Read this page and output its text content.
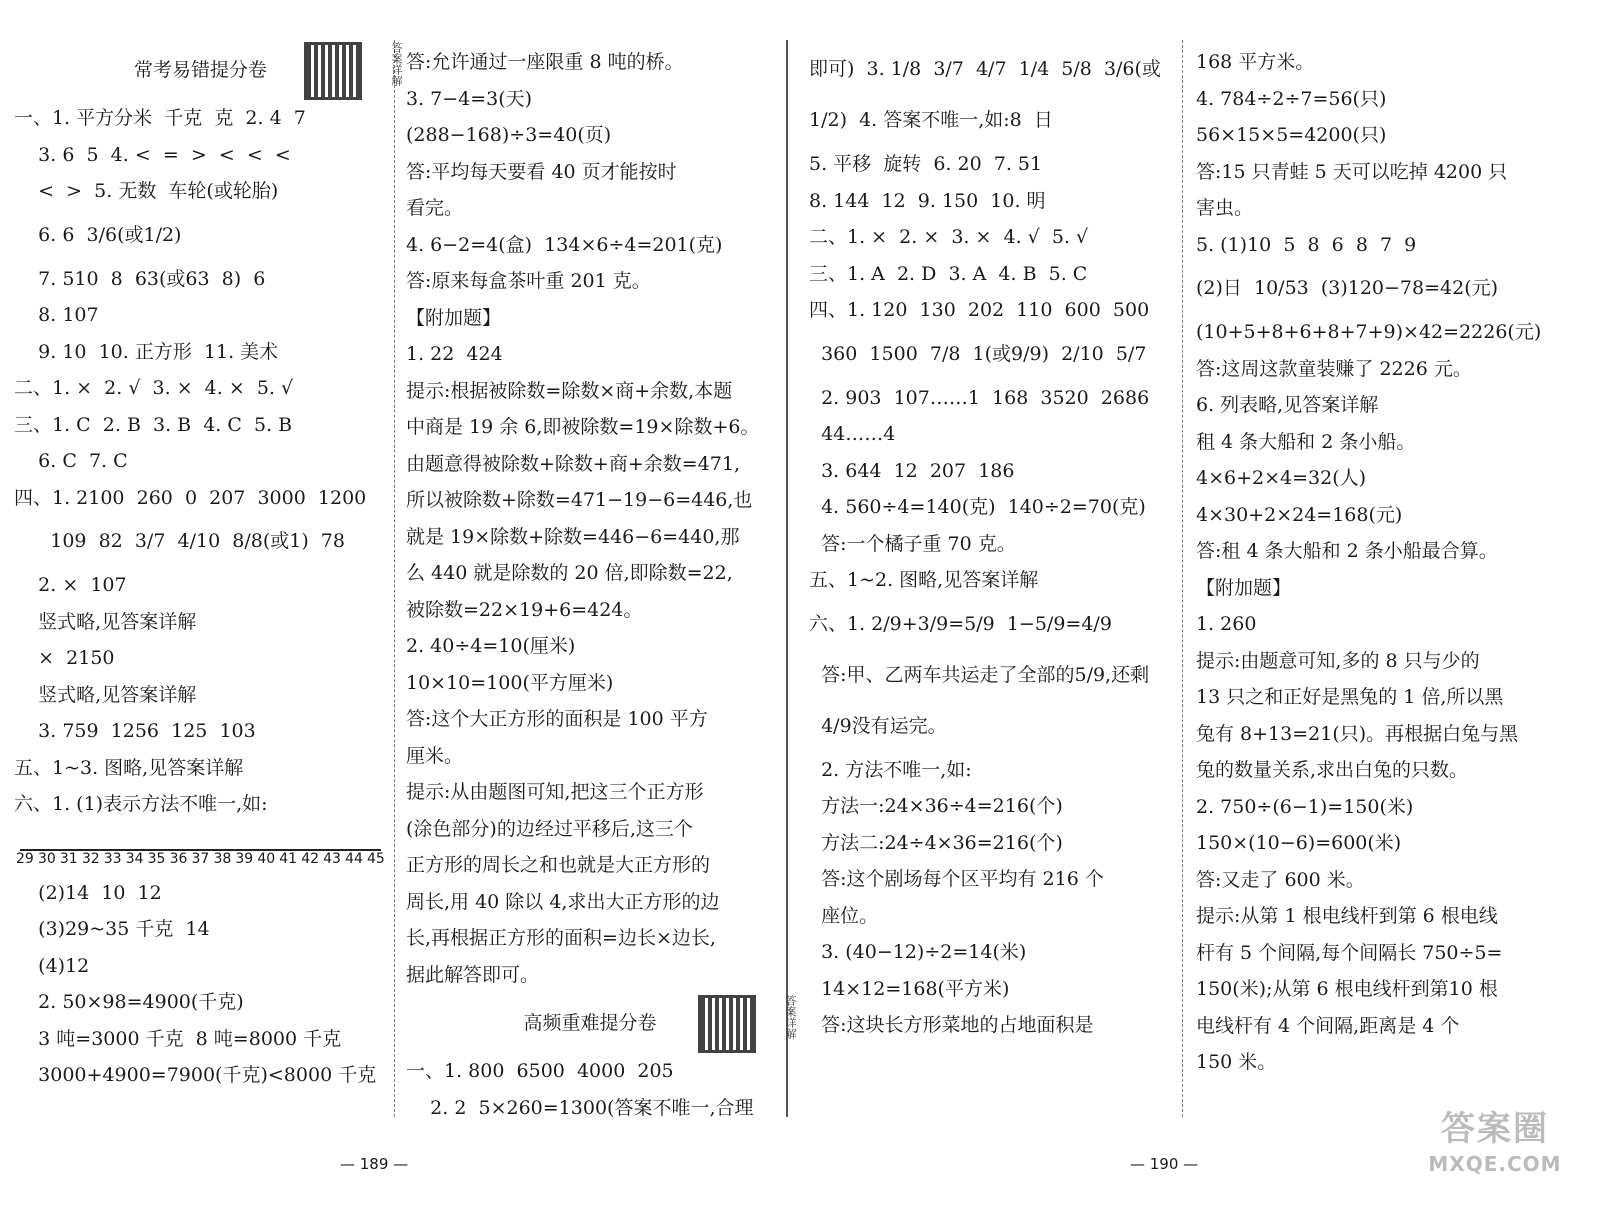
常考易错提分卷	答案详解
一、1. 平方分米  千克  克  2. 4  7
3. 6  5  4. <  =  >  <  <  <
<  >  5. 无数  车轮(或轮胎)
6. 6  3/6(或1/2)
7. 510  8  63(或63  8)  6
8. 107
9. 10  10. 正方形  11. 美术
二、1. ×  2. √  3. ×  4. ×  5. √
三、1. C  2. B  3. B  4. C  5. B
6. C  7. C
四、1. 2100  260  0  207  3000  1200
109  82  3/7  4/10  8/8(或1)  78
2. ×  107
竖式略,见答案详解
×  2150
竖式略,见答案详解
3. 759  1256  125  103
五、1~3. 图略,见答案详解
六、1. (1)表示方法不唯一,如:
29 30 31 32 33 34 35 36 37 38 39 40 41 42 43 44 45
(2)14  10  12
(3)29~35 千克  14
(4)12
2. 50×98=4900(千克)
3 吨=3000 千克  8 吨=8000 千克
3000+4900=7900(千克)<8000 千克
答:允许通过一座限重 8 吨的桥。
3. 7−4=3(天)
(288−168)÷3=40(页)
答:平均每天要看 40 页才能按时
看完。
4. 6−2=4(盒)  134×6÷4=201(克)
答:原来每盒茶叶重 201 克。
【附加题】
1. 22  424
提示:根据被除数=除数×商+余数,本题
中商是 19 余 6,即被除数=19×除数+6。
由题意得被除数+除数+商+余数=471,
所以被除数+除数=471−19−6=446,也
就是 19×除数+除数=446−6=440,那
么 440 就是除数的 20 倍,即除数=22,
被除数=22×19+6=424。
2. 40÷4=10(厘米)
10×10=100(平方厘米)
答:这个大正方形的面积是 100 平方
厘米。
提示:从由题图可知,把这三个正方形
(涂色部分)的边经过平移后,这三个
正方形的周长之和也就是大正方形的
周长,用 40 除以 4,求出大正方形的边
长,再根据正方形的面积=边长×边长,
据此解答即可。
高频重难提分卷	答案详解
一、1. 800  6500  4000  205
2. 2  5×260=1300(答案不唯一,合理
即可)  3. 1/8  3/7  4/7  1/4  5/8  3/6(或
1/2)  4. 答案不唯一,如:8  日
5. 平移  旋转  6. 20  7. 51
8. 144  12  9. 150  10. 明
二、1. ×  2. ×  3. ×  4. √  5. √
三、1. A  2. D  3. A  4. B  5. C
四、1. 120  130  202  110  600  500
360  1500  7/8  1(或9/9)  2/10  5/7
2. 903  107……1  168  3520  2686
44……4
3. 644  12  207  186
4. 560÷4=140(克)  140÷2=70(克)
答:一个橘子重 70 克。
五、1~2. 图略,见答案详解
六、1. 2/9+3/9=5/9  1−5/9=4/9
答:甲、乙两车共运走了全部的5/9,还剩
4/9没有运完。
2. 方法不唯一,如:
方法一:24×36÷4=216(个)
方法二:24÷4×36=216(个)
答:这个剧场每个区平均有 216 个
座位。
3. (40−12)÷2=14(米)
14×12=168(平方米)
答:这块长方形菜地的占地面积是
168 平方米。
4. 784÷2÷7=56(只)
56×15×5=4200(只)
答:15 只青蛙 5 天可以吃掉 4200 只
害虫。
5. (1)10  5  8  6  8  7  9
(2)日  10/53  (3)120−78=42(元)
(10+5+8+6+8+7+9)×42=2226(元)
答:这周这款童装赚了 2226 元。
6. 列表略,见答案详解
租 4 条大船和 2 条小船。
4×6+2×4=32(人)
4×30+2×24=168(元)
答:租 4 条大船和 2 条小船最合算。
【附加题】
1. 260
提示:由题意可知,多的 8 只与少的
13 只之和正好是黑兔的 1 倍,所以黑
兔有 8+13=21(只)。再根据白兔与黑
兔的数量关系,求出白兔的只数。
2. 750÷(6−1)=150(米)
150×(10−6)=600(米)
答:又走了 600 米。
提示:从第 1 根电线杆到第 6 根电线
杆有 5 个间隔,每个间隔长 750÷5=
150(米);从第 6 根电线杆到第10 根
电线杆有 4 个间隔,距离是 4 个
150 米。
— 189 —	— 190 —
答案圈
MXQE.COM
